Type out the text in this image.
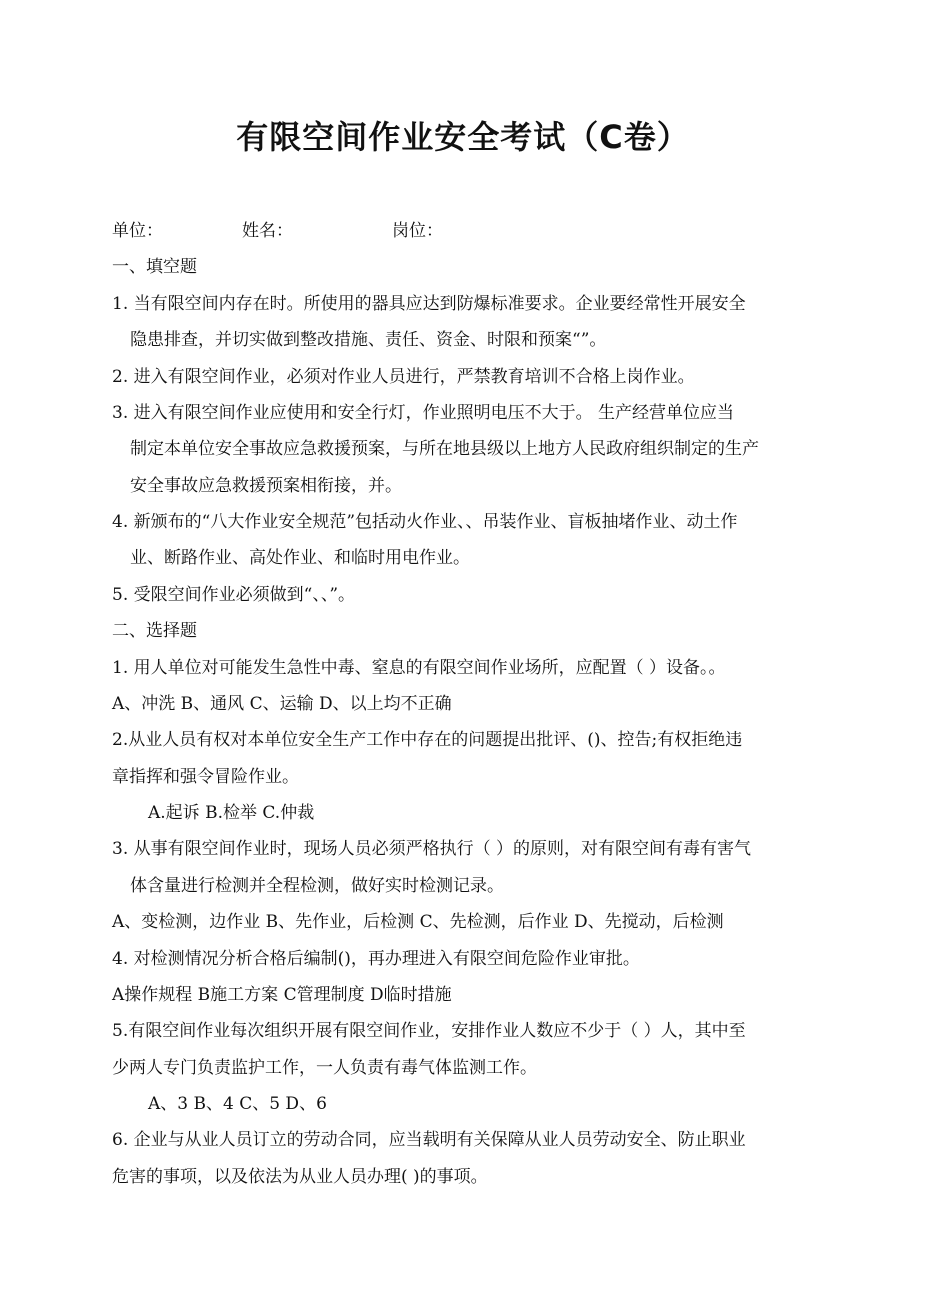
有限空间作业安全考试（C卷）

单位：	姓名：	岗位：

一、填空题

1. 当有限空间内存在时。所使用的器具应达到防爆标准要求。企业要经常性开展安全

隐患排查，并切实做到整改措施、责任、资金、时限和预案“”。

2. 进入有限空间作业，必须对作业人员进行，严禁教育培训不合格上岗作业。

3. 进入有限空间作业应使用和安全行灯，作业照明电压不大于。 生产经营单位应当

制定本单位安全事故应急救援预案，与所在地县级以上地方人民政府组织制定的生产

安全事故应急救援预案相衔接，并。

4. 新颁布的“八大作业安全规范”包括动火作业、、吊装作业、盲板抽堵作业、动土作

业、断路作业、高处作业、和临时用电作业。

5. 受限空间作业必须做到“、、”。

二、选择题

1. 用人单位对可能发生急性中毒、窒息的有限空间作业场所，应配置（ ）设备。。

A、冲洗 B、通风 C、运输 D、以上均不正确

2.从业人员有权对本单位安全生产工作中存在的问题提出批评、()、控告;有权拒绝违

章指挥和强令冒险作业。

A.起诉 B.检举 C.仲裁

3. 从事有限空间作业时，现场人员必须严格执行（ ）的原则，对有限空间有毒有害气

体含量进行检测并全程检测，做好实时检测记录。

A、变检测，边作业 B、先作业，后检测 C、先检测，后作业 D、先搅动，后检测

4. 对检测情况分析合格后编制()，再办理进入有限空间危险作业审批。

A操作规程 B施工方案 C管理制度 D临时措施

5.有限空间作业每次组织开展有限空间作业，安排作业人数应不少于（ ）人，其中至

少两人专门负责监护工作，一人负责有毒气体监测工作。

A、3 B、4 C、5 D、6

6. 企业与从业人员订立的劳动合同，应当载明有关保障从业人员劳动安全、防止职业

危害的事项，以及依法为从业人员办理( )的事项。
